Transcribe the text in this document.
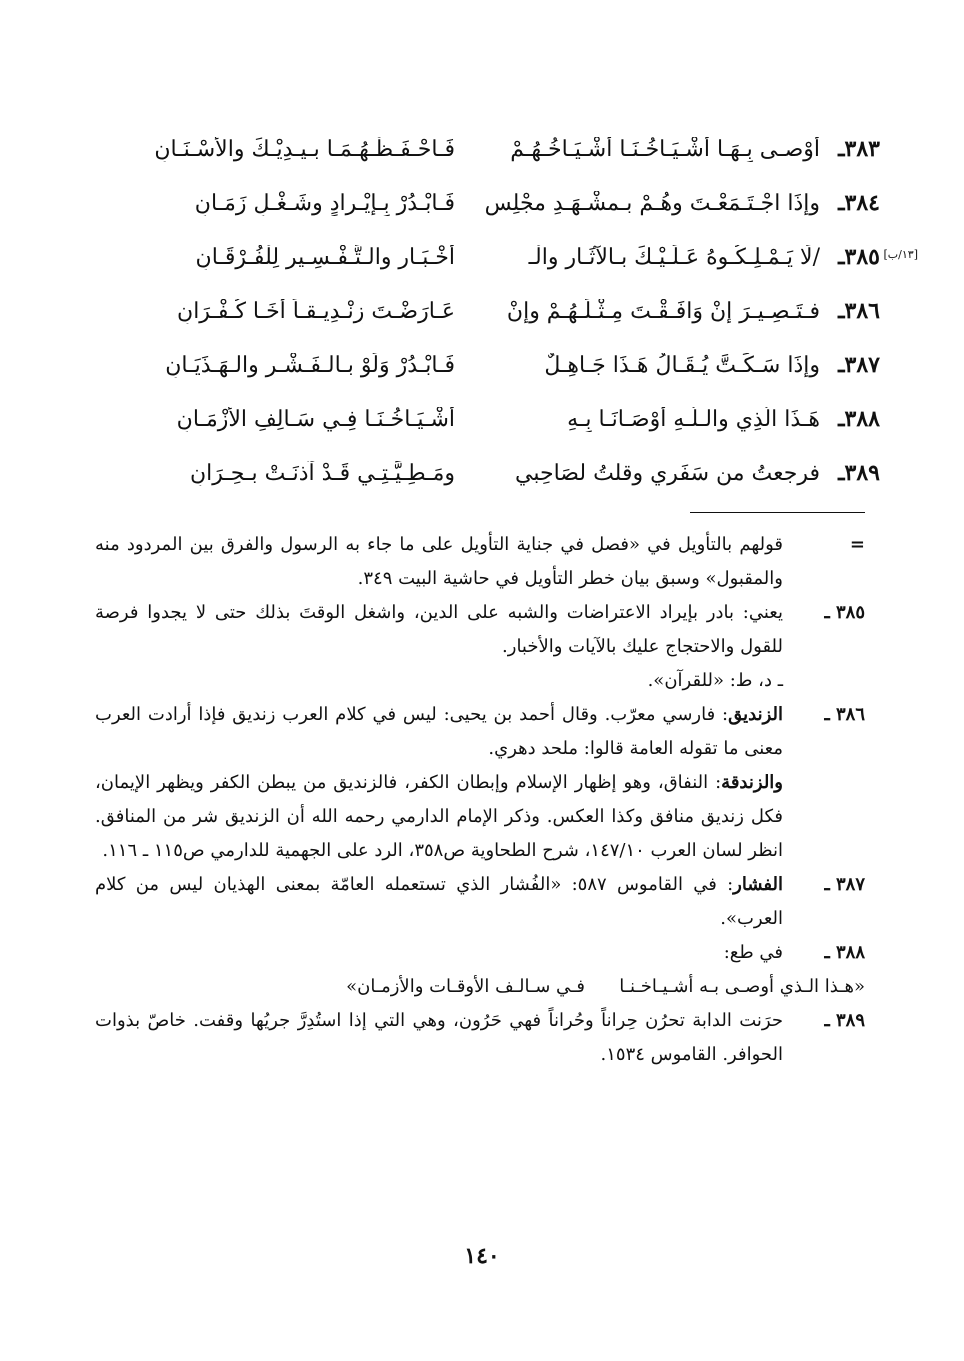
٣٨٣ـ
أوْصـى بِـهَـا أشْـيَـاخُـنَـا أشْـيَـاخُـهُـمْ
فَـاحْـفَـظْـهُـمَـا بـيـدِيْـكَ والأَسْـنَـانِ
٣٨٤ـ
وإذَا اجْـتَـمَعْـتَ وهُـمْ بـمشْـهَـدِ مجْلِسٍ
فَـابْـدُرْ بِـإيْـرادٍ وشَـغْـلِ زَمَـانِ
[١٣/ب]
٣٨٥ـ
/لَا يَـمْـلِـكُـوهُ عَـلَـيْـكَ بـالآثَـارِ والْـ
أَخْـبَـارِ والـتَّـفْـسِـيرِ لِلْفُـرْقَـانِ
٣٨٦ـ
فـتَـصِـيـرَ إنْ وَافَـقْـتَ مِـثْـلَـهُـمْ وإنْ
عَـارَضْـتَ زِنْـدِيـقـاً أخَـا كُـفْـرَانِ
٣٨٧ـ
وإذَا سَـكَـتَّ يُـقَـالُ هَـذَا جَـاهِـلٌ
فَـابْـدُرْ وَلَوْ بـالـفَـشْـرِ والـهَـذَيَـانِ
٣٨٨ـ
هَـذَا الَّذِي والـلَّـهِ أوْصَـانَـا بِـهِ
أشْـيَـاخُـنَـا فِـي سَـالِفِ الأَزْمَـانِ
٣٨٩ـ
فرجعتُ من سَفَري وقلتُ لصَاحِبي
ومَـطِـيَّـتِـي قَـدْ آذنَـتْ بـحِـرَانِ
=
قولهم بالتأويل في «فصل في جناية التأويل على ما جاء به الرسول والفرق بين المردود منه والمقبول» وسبق بيان خطر التأويل في حاشية البيت ٣٤٩.
٣٨٥ ـ
يعني: بادر بإيراد الاعتراضات والشبه على الدين، واشغل الوقتَ بذلك حتى لا يجدوا فرصة للقول والاحتجاج عليك بالآيات والأخبار.
ـ د، ط: «للقرآن».
٣٨٦ ـ
الزنديق: فارسي معرّب. وقال أحمد بن يحيى: ليس في كلام العرب زنديق فإذا أرادت العرب معنى ما تقوله العامة قالوا: ملحد دهري.
والزندقة: النفاق، وهو إظهار الإسلام وإبطان الكفر، فالزنديق من يبطن الكفر ويظهر الإيمان، فكل زنديق منافق وكذا العكس. وذكر الإمام الدارمي رحمه الله أن الزنديق شر من المنافق. انظر لسان العرب ١٤٧/١٠، شرح الطحاوية ص٣٥٨، الرد على الجهمية للدارمي ص١١٥ ـ ١١٦.
٣٨٧ ـ
الفشار: في القاموس ٥٨٧: «الفُشار الذي تستعمله العامّة بمعنى الهذيان ليس من كلام العرب».
٣٨٨ ـ
في طع:
«هـذا الـذي أوصـى بـه أشـيـاخـنـا      فـي سـالـف الأوقـات والأزمـان»
٣٨٩ ـ
حرَنت الدابة تحرُن حِراناً وحُراناً فهي حَرُون، وهي التي إذا استُدِرَّ جريُها وقفت. خاصّ بذوات الحوافر. القاموس ١٥٣٤.
١٤٠
